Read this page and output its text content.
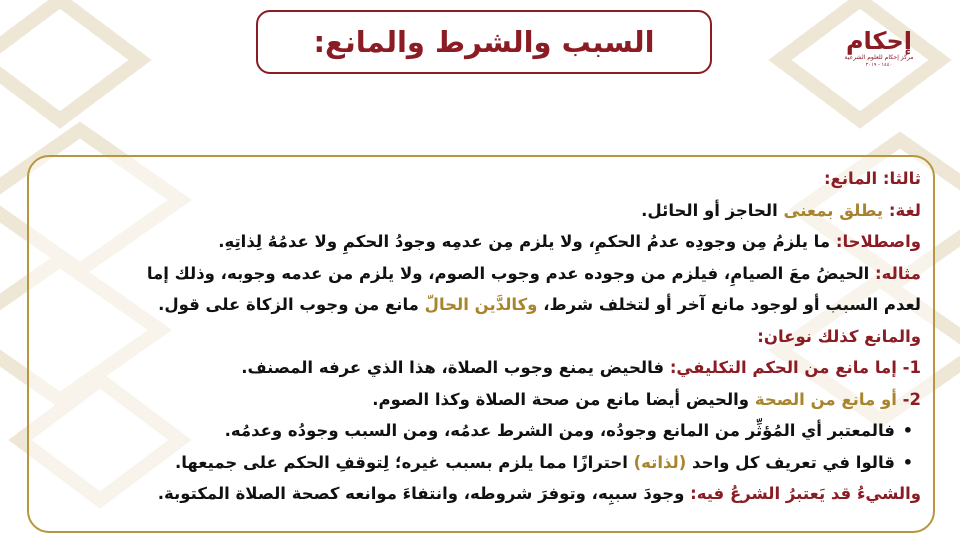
السبب والشرط والمانع:	إحكام
مركز إحكام للعلوم الشرعية
١٤٤٠ - ٢٠١٩
ثالثا: المانع:
لغة: يطلق بمعنى الحاجز أو الحائل.
واصطلاحا: ما يلزمُ مِن وجودِه عدمُ الحكمِ، ولا يلزم مِن عدمِه وجودُ الحكمِ ولا عدمُهُ لِذاتِهِ.
مثاله: الحيضُ معَ الصيامِ، فيلزم من وجوده عدم وجوب الصوم، ولا يلزم من عدمه وجوبه، وذلك إما
لعدم السبب أو لوجود مانع آخر أو لتخلف شرط، وكالدَّين الحالّ مانع من وجوب الزكاة على قول.
والمانع كذلك نوعان:
1- إما مانع من الحكم التكليفي: فالحيض يمنع وجوب الصلاة، هذا الذي عرفه المصنف.
2- أو مانع من الصحة والحيض أيضا مانع من صحة الصلاة وكذا الصوم.
•
فالمعتبر أي المُؤثِّر من المانع وجودُه، ومن الشرط عدمُه، ومن السبب وجودُه وعدمُه.
•
قالوا في تعريف كل واحد (لذاته) احترازًا مما يلزم بسبب غيره؛ لِتوقفِ الحكم على جميعها.
والشيءُ قد يَعتبرُ الشرعُ فيه: وجودَ سببِه، وتوفرَ شروطه، وانتفاءَ موانعه كصحة الصلاة المكتوبة.
